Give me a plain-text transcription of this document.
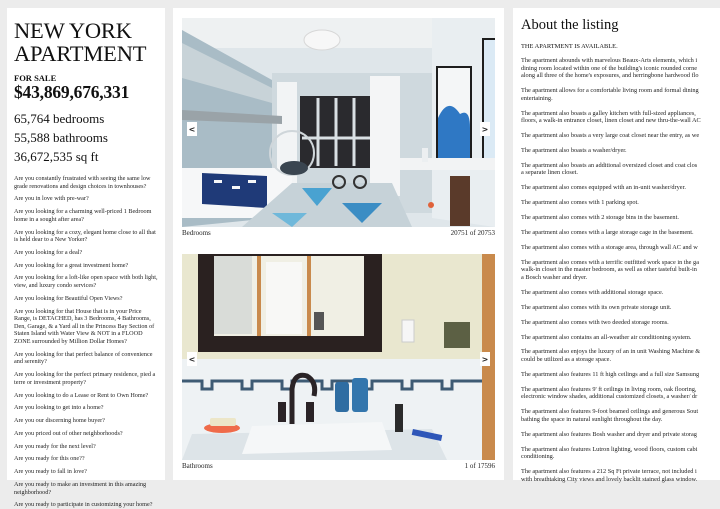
NEW YORK
APARTMENT
FOR SALE
$43,869,676,331
65,764 bedrooms
55,588 bathrooms
36,672,535 sq ft

Are you constantly frustrated with seeing the same low grade renovations and design choices in townhouses?

Are you in love with pre-war?

Are you looking for a charming well-priced 1 Bedroom home in a sought after area?

Are you looking for a cozy, elegant home close to all that is held dear to a New Yorker?

Are you looking for a deal?

Are you looking for a great investment home?

Are you looking for a loft-like open space with both light, view, and luxury condo services?

Are you looking for Beautiful Open Views?

Are you looking for that House that is in your Price Range, is DETACHED, has 3 Bedrooms, 4 Bathrooms, Den, Garage, & a Yard all in the Princess Bay Section of Staten Island with Water View & NOT in a FLOOD ZONE surrounded by Million Dollar Homes?

Are you looking for that perfect balance of convenience and serenity?

Are you looking for the perfect primary residence, pied a terre or investment property?

Are you looking to do a Lease or Rent to Own Home?

Are you looking to get into a home?

Are you our discerning home buyer?

Are you priced out of other neighborhoods?

Are you ready for the next level?

Are you ready for this one??

Are you ready to fall in love?

Are you ready to make an investment in this amazing neighborhood?

Are you ready to participate in customizing your home?

<	>
Bedrooms	20751 of 20753
<	>
Bathrooms	1 of 17596
About the listing
THE APARTMENT IS AVAILABLE.
The apartment abounds with marvelous Beaux-Arts elements, which i
dining room located within one of the building's iconic rounded corne
along all three of the home's exposures, and herringbone hardwood flo
The apartment allows for a comfortable living room and formal dining
entertaining.
The apartment also boasts a galley kitchen with full-sized appliances,
floors, a walk-in entrance closet, linen closet and new thru-the-wall AC
The apartment also boasts a very large coat closet near the entry, as we
The apartment also boasts a washer/dryer.
The apartment also boasts an additional oversized closet and coat clos
a separate linen closet.
The apartment also comes equipped with an in-unit washer/dryer.
The apartment also comes with 1 parking spot.
The apartment also comes with 2 storage bins in the basement.
The apartment also comes with a large storage cage in the basement.
The apartment also comes with a storage area, through wall AC and w
The apartment also comes with a terrific outfitted work space in the ga
walk-in closet in the master bedroom, as well as other tasteful built-in
a Bosch washer and dryer.
The apartment also comes with additional storage space.
The apartment also comes with its own private storage unit.
The apartment also comes with two deeded storage rooms.
The apartment also contains an all-weather air conditioning system.
The apartment also enjoys the luxury of an in unit Washing Machine &
could be utilized as a storage space.
The apartment also features 11 ft high ceilings and a full size Samsung
The apartment also features 9' ft ceilings in living room, oak flooring,
electronic window shades, additional customized closets, a washer/ dr
The apartment also features 9-foot beamed ceilings and generous Sout
bathing the space in natural sunlight throughout the day.
The apartment also features Bosh washer and dryer and private storag
The apartment also features Lutron lighting, wood floors, custom cabi
conditioning.
The apartment also features a 212 Sq Ft private terrace, not included i
with breathtaking City views and lovely backlit stained glass window.
